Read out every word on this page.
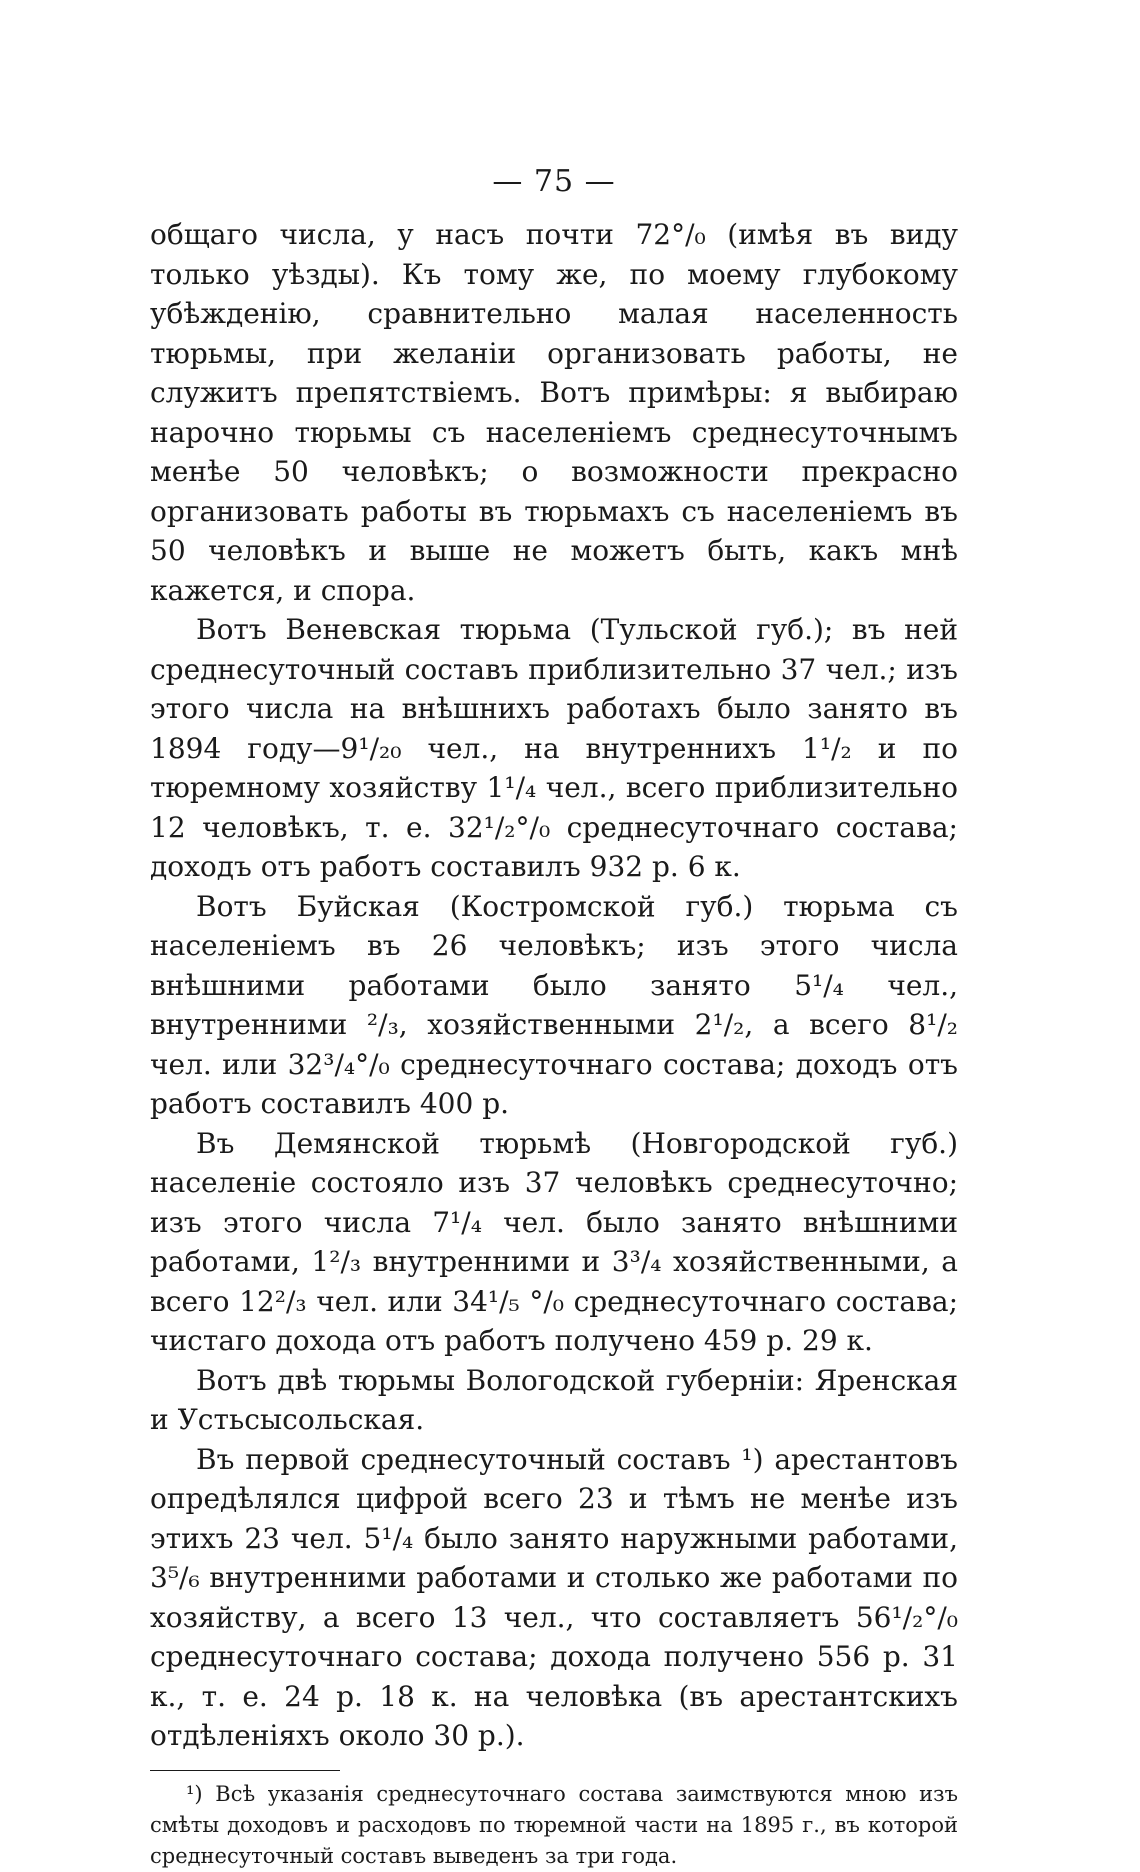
— 75 —

общаго числа, у насъ почти 72°/₀ (имѣя въ виду только уѣзды). Къ тому же, по моему глубокому убѣжденію, сравнительно малая населенность тюрьмы, при желаніи организовать работы, не служитъ препятствіемъ. Вотъ примѣры: я выбираю нарочно тюрьмы съ населеніемъ среднесуточнымъ менѣе 50 человѣкъ; о возможности прекрасно организовать работы въ тюрьмахъ съ населеніемъ въ 50 человѣкъ и выше не можетъ быть, какъ мнѣ кажется, и спора.

Вотъ Веневская тюрьма (Тульской губ.); въ ней среднесуточный составъ приблизительно 37 чел.; изъ этого числа на внѣшнихъ работахъ было занято въ 1894 году—9¹/₂₀ чел., на внутреннихъ 1¹/₂ и по тюремному хозяйству 1¹/₄ чел., всего приблизительно 12 человѣкъ, т. е. 32¹/₂°/₀ среднесуточнаго состава; доходъ отъ работъ составилъ 932 р. 6 к.

Вотъ Буйская (Костромской губ.) тюрьма съ населеніемъ въ 26 человѣкъ; изъ этого числа внѣшними работами было занято 5¹/₄ чел., внутренними ²/₃, хозяйственными 2¹/₂, а всего 8¹/₂ чел. или 32³/₄°/₀ среднесуточнаго состава; доходъ отъ работъ составилъ 400 р.

Въ Демянской тюрьмѣ (Новгородской губ.) населеніе состояло изъ 37 человѣкъ среднесуточно; изъ этого числа 7¹/₄ чел. было занято внѣшними работами, 1²/₃ внутренними и 3³/₄ хозяйственными, а всего 12²/₃ чел. или 34¹/₅ °/₀ среднесуточнаго состава; чистаго дохода отъ работъ получено 459 р. 29 к.

Вотъ двѣ тюрьмы Вологодской губерніи: Яренская и Устьсысольская.

Въ первой среднесуточный составъ ¹) арестантовъ опредѣлялся цифрой всего 23 и тѣмъ не менѣе изъ этихъ 23 чел. 5¹/₄ было занято наружными работами, 3⁵/₆ внутренними работами и столько же работами по хозяйству, а всего 13 чел., что составляетъ 56¹/₂°/₀ среднесуточнаго состава; дохода получено 556 р. 31 к., т. е. 24 р. 18 к. на человѣка (въ арестантскихъ отдѣленіяхъ около 30 р.).

¹) Всѣ указанія среднесуточнаго состава заимствуются мною изъ смѣты доходовъ и расходовъ по тюремной части на 1895 г., въ которой среднесуточный составъ выведенъ за три года.
